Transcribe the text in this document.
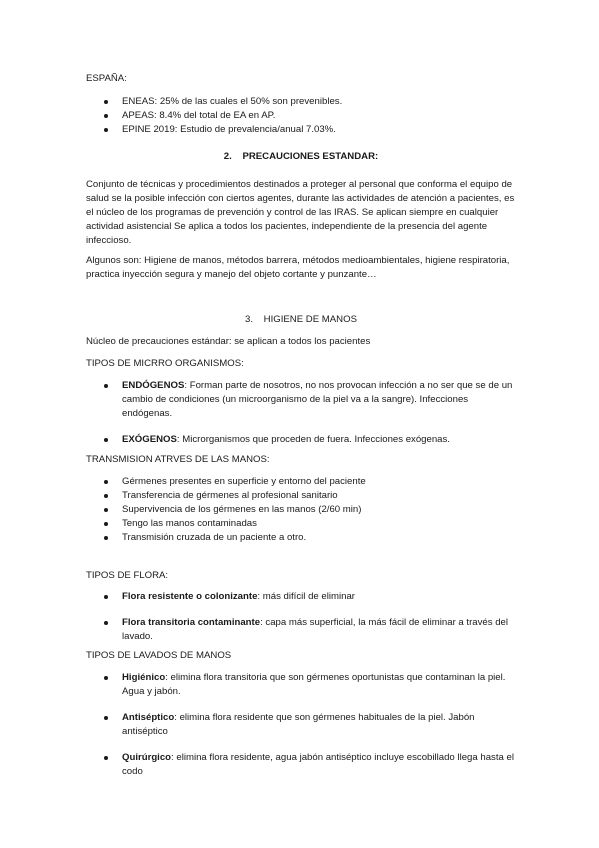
ESPAÑA:

ENEAS: 25% de las cuales el 50% son prevenibles.
APEAS: 8.4% del total de EA en AP.
EPINE 2019: Estudio de prevalencia/anual 7.03%.

2.    PRECAUCIONES ESTANDAR:

Conjunto de técnicas y procedimientos destinados a proteger al personal que conforma el equipo de salud se la posible infección con ciertos agentes, durante las actividades de atención a pacientes, es el núcleo de los programas de prevención y control de las IRAS. Se aplican siempre en cualquier actividad asistencial Se aplica a todos los pacientes, independiente de la presencia del agente infeccioso.

Algunos son: Higiene de manos, métodos barrera, métodos medioambientales, higiene respiratoria, practica inyección segura y manejo del objeto cortante y punzante…

3.    HIGIENE DE MANOS

Núcleo de precauciones estándar: se aplican a todos los pacientes

TIPOS DE MICRRO ORGANISMOS:

ENDÓGENOS: Forman parte de nosotros, no nos provocan infección a no ser que se de un cambio de condiciones (un microorganismo de la piel va a la sangre). Infecciones endógenas.
EXÓGENOS: Microrganismos que proceden de fuera. Infecciones exógenas.

TRANSMISION ATRVES DE LAS MANOS:

Gérmenes presentes en superficie y entorno del paciente
Transferencia de gérmenes al profesional sanitario
Supervivencia de los gérmenes en las manos (2/60 min)
Tengo las manos contaminadas
Transmisión cruzada de un paciente a otro.

TIPOS DE FLORA:

Flora resistente o colonizante: más difícil de eliminar
Flora transitoria contaminante: capa más superficial, la más fácil de eliminar a través del lavado.

TIPOS DE LAVADOS DE MANOS

Higiénico: elimina flora transitoria que son gérmenes oportunistas que contaminan la piel. Agua y jabón.
Antiséptico: elimina flora residente que son gérmenes habituales de la piel. Jabón antiséptico
Quirúrgico: elimina flora residente, agua jabón antiséptico incluye escobillado llega hasta el codo
